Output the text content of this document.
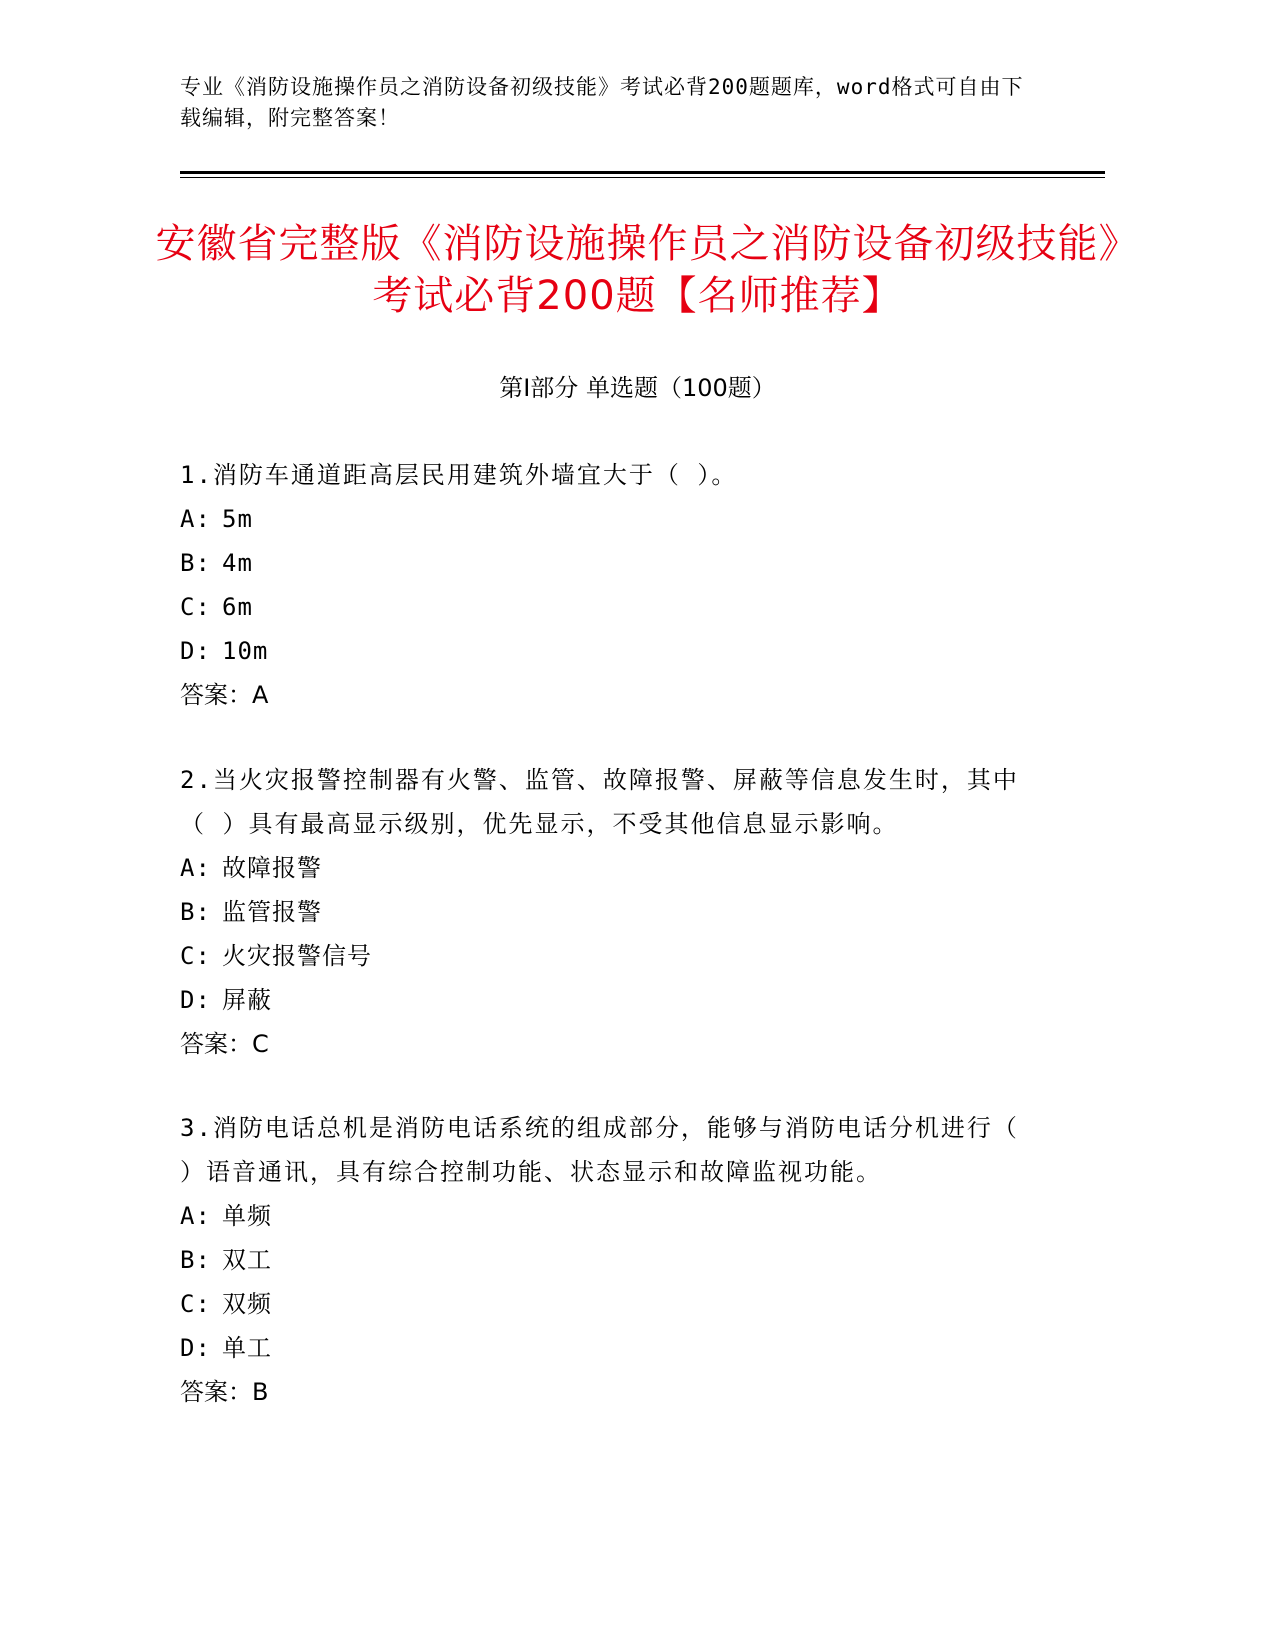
专业《消防设施操作员之消防设备初级技能》考试必背200题题库，word格式可自由下载编辑，附完整答案！
安徽省完整版《消防设施操作员之消防设备初级技能》考试必背200题【名师推荐】
第I部分 单选题（100题）
1.消防车通道距高层民用建筑外墙宜大于（ ）。
A: 5m
B: 4m
C: 6m
D: 10m
答案：A
2.当火灾报警控制器有火警、监管、故障报警、屏蔽等信息发生时，其中（ ）具有最高显示级别，优先显示，不受其他信息显示影响。
A: 故障报警
B: 监管报警
C: 火灾报警信号
D: 屏蔽
答案：C
3.消防电话总机是消防电话系统的组成部分，能够与消防电话分机进行（ ）语音通讯，具有综合控制功能、状态显示和故障监视功能。
A: 单频
B: 双工
C: 双频
D: 单工
答案：B
